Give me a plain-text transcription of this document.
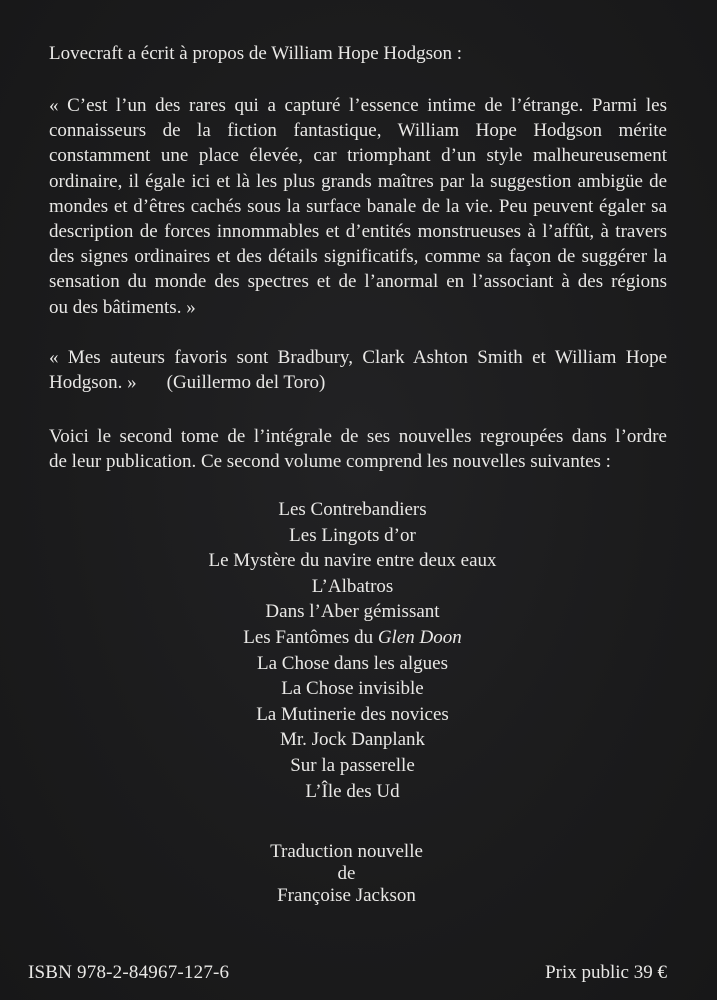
Lovecraft a écrit à propos de William Hope Hodgson :
« C’est l’un des rares qui a capturé l’essence intime de l’étrange. Parmi les
connaisseurs de la fiction fantastique, William Hope Hodgson mérite
constamment une place élevée, car triomphant d’un style malheureusement
ordinaire, il égale ici et là les plus grands maîtres par la suggestion ambigüe de
mondes et d’êtres cachés sous la surface banale de la vie. Peu peuvent égaler sa
description de forces innommables et d’entités monstrueuses à l’affût, à travers
des signes ordinaires et des détails significatifs, comme sa façon de suggérer la
sensation du monde des spectres et de l’anormal en l’associant à des régions
ou des bâtiments. »
« Mes auteurs favoris sont Bradbury, Clark Ashton Smith et William Hope
Hodgson. » (Guillermo del Toro)
Voici le second tome de l’intégrale de ses nouvelles regroupées dans l’ordre
de leur publication. Ce second volume comprend les nouvelles suivantes :
Les Contrebandiers
Les Lingots d’or
Le Mystère du navire entre deux eaux
L’Albatros
Dans l’Aber gémissant
Les Fantômes du Glen Doon
La Chose dans les algues
La Chose invisible
La Mutinerie des novices
Mr. Jock Danplank
Sur la passerelle
L’Île des Ud
Traduction nouvelle
de
Françoise Jackson
ISBN 978-2-84967-127-6	Prix public 39 €
